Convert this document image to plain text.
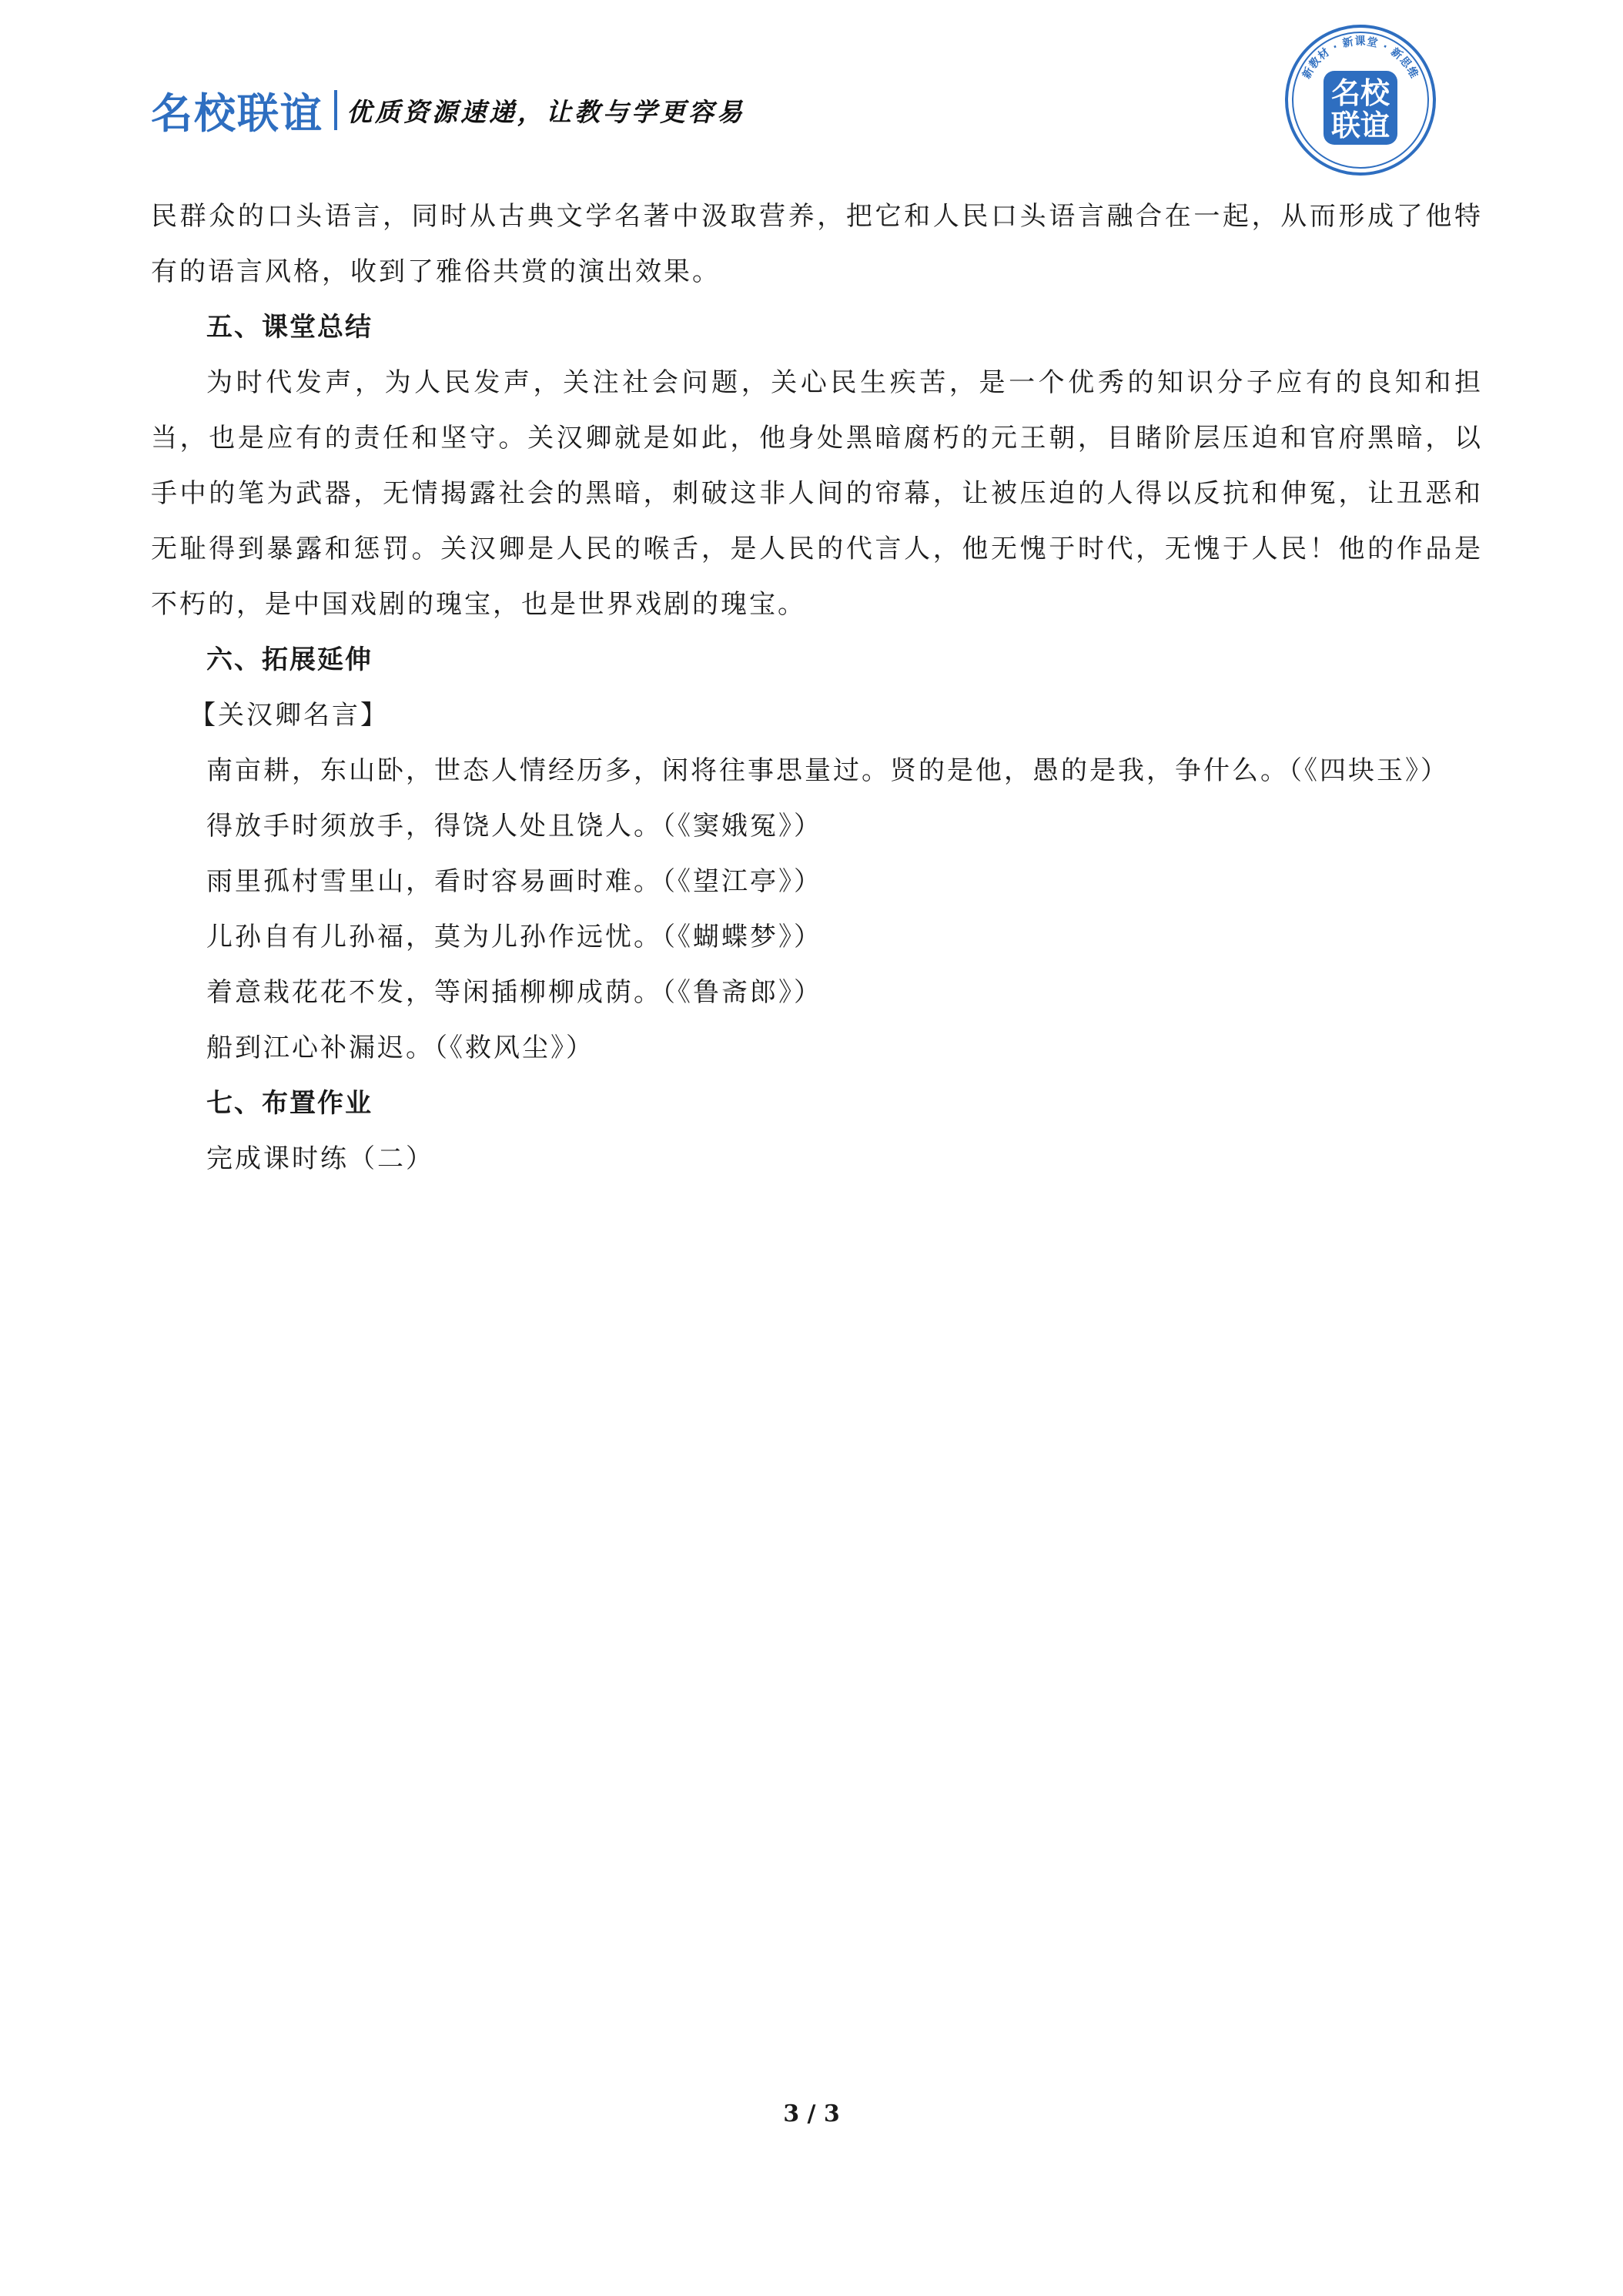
名校联谊 优质资源速递，让教与学更容易
新教材 · 新课堂 · 新思维
名校
联谊

民群众的口头语言，同时从古典文学名著中汲取营养，把它和人民口头语言融合在一起，从而形成了他特有的语言风格，收到了雅俗共赏的演出效果。

五、课堂总结

为时代发声，为人民发声，关注社会问题，关心民生疾苦，是一个优秀的知识分子应有的良知和担当，也是应有的责任和坚守。关汉卿就是如此，他身处黑暗腐朽的元王朝，目睹阶层压迫和官府黑暗，以手中的笔为武器，无情揭露社会的黑暗，刺破这非人间的帘幕，让被压迫的人得以反抗和伸冤，让丑恶和无耻得到暴露和惩罚。关汉卿是人民的喉舌，是人民的代言人，他无愧于时代，无愧于人民！他的作品是不朽的，是中国戏剧的瑰宝，也是世界戏剧的瑰宝。

六、拓展延伸

【关汉卿名言】

南亩耕，东山卧，世态人情经历多，闲将往事思量过。贤的是他，愚的是我，争什么。（《四块玉》）

得放手时须放手，得饶人处且饶人。（《窦娥冤》）

雨里孤村雪里山，看时容易画时难。（《望江亭》）

儿孙自有儿孙福，莫为儿孙作远忧。（《蝴蝶梦》）

着意栽花花不发，等闲插柳柳成荫。（《鲁斋郎》）

船到江心补漏迟。（《救风尘》）

七、布置作业

完成课时练（二）

3 / 3
